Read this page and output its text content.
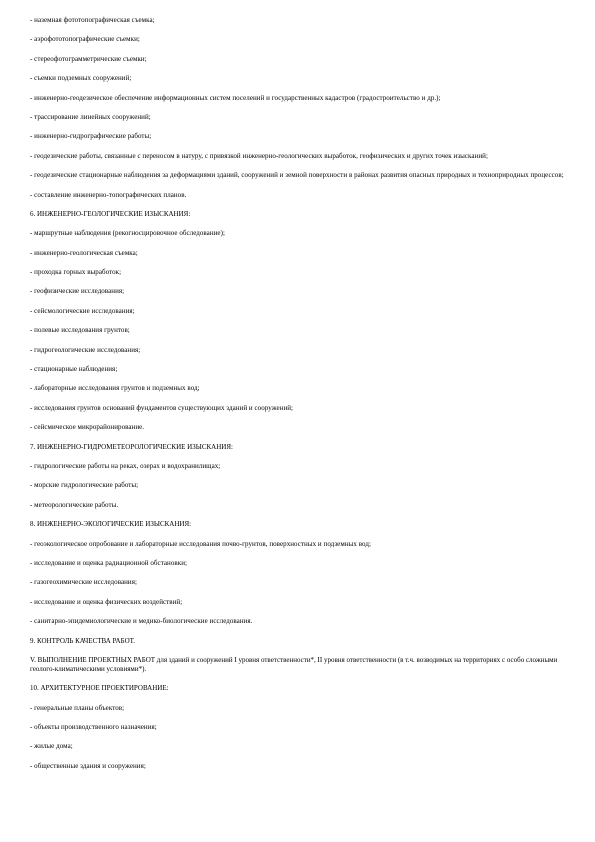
- наземная фототопографическая съемка;
- аэрофототопографические съемки;
- стереофотограмметрические съемки;
- съемки подземных сооружений;
- инженерно-геодезическое обеспечение информационных систем поселений и государственных кадастров (градостроительство и др.);
- трассирование линейных сооружений;
- инженерно-гидрографические работы;
- геодезические работы, связанные с переносом в натуру, с привязкой инженерно-геологических выработок, геофизических и других точек изысканий;
- геодезические стационарные наблюдения за деформациями зданий, сооружений и земной поверхности в районах развития опасных природных и техноприродных процессов;
- составление инженерно-топографических планов.
6. ИНЖЕНЕРНО-ГЕОЛОГИЧЕСКИЕ ИЗЫСКАНИЯ:
- маршрутные наблюдения (рекогносцировочное обследование);
- инженерно-геологическая съемка;
- проходка горных выработок;
- геофизические исследования;
- сейсмологические исследования;
- полевые исследования грунтов;
- гидрогеологические исследования;
- стационарные наблюдения;
- лабораторные исследования грунтов и подземных вод;
- исследования грунтов оснований фундаментов существующих зданий и сооружений;
- сейсмическое микрорайонирование.
7. ИНЖЕНЕРНО-ГИДРОМЕТЕОРОЛОГИЧЕСКИЕ ИЗЫСКАНИЯ:
- гидрологические работы на реках, озерах и водохранилищах;
- морские гидрологические работы;
- метеорологические работы.
8. ИНЖЕНЕРНО-ЭКОЛОГИЧЕСКИЕ ИЗЫСКАНИЯ:
- геоэкологическое опробование и лабораторные исследования почво-грунтов, поверхностных и подземных вод;
- исследование и оценка радиационной обстановки;
- газогеохимические исследования;
- исследование и оценка физических воздействий;
- санитарно-эпидемиологические и медико-биологические исследования.
9. КОНТРОЛЬ КАЧЕСТВА РАБОТ.
V. ВЫПОЛНЕНИЕ ПРОЕКТНЫХ РАБОТ для зданий и сооружений I уровня ответственности*, II уровня ответственности (в т.ч. возводимых на территориях с особо сложными геолого-климатическими условиями*).
10. АРХИТЕКТУРНОЕ ПРОЕКТИРОВАНИЕ:
- генеральные планы объектов;
- объекты производственного назначения;
- жилые дома;
- общественные здания и сооружения;
